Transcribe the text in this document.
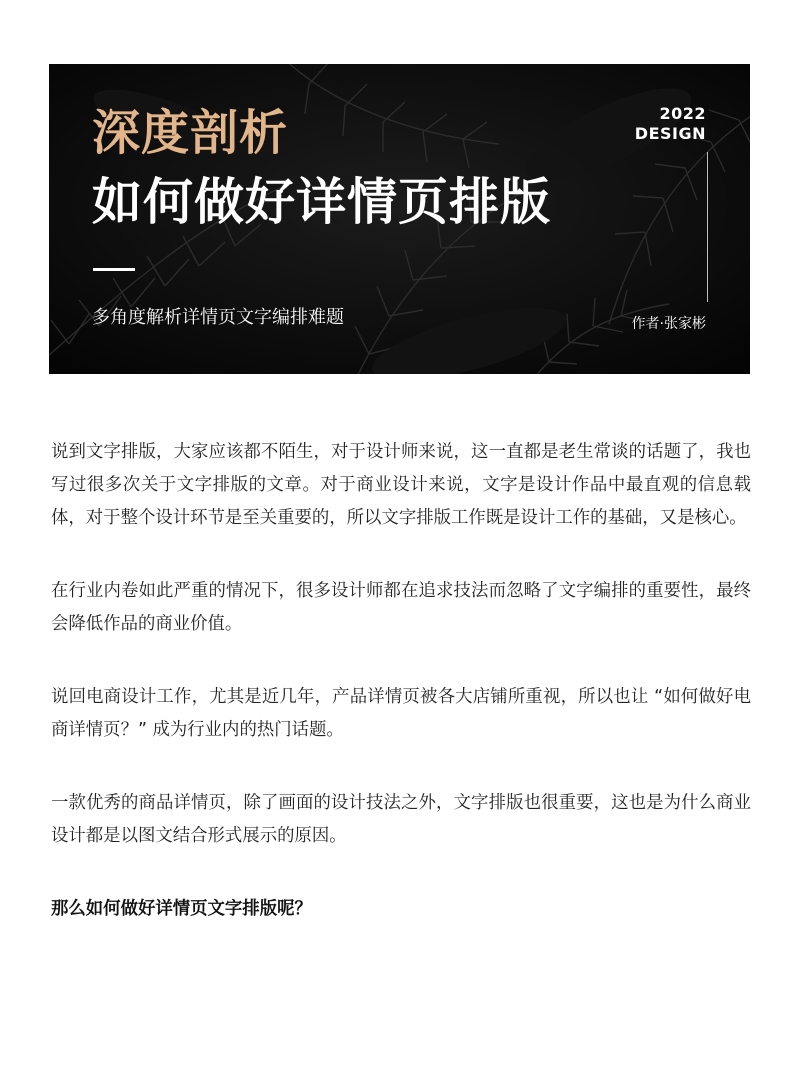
深度剖析
如何做好详情页排版
多角度解析详情页文字编排难题
2022
DESIGN
作者·张家彬

说到文字排版，大家应该都不陌生，对于设计师来说，这一直都是老生常谈的话题了，我也写过很多次关于文字排版的文章。对于商业设计来说，文字是设计作品中最直观的信息载体，对于整个设计环节是至关重要的，所以文字排版工作既是设计工作的基础，又是核心。

在行业内卷如此严重的情况下，很多设计师都在追求技法而忽略了文字编排的重要性，最终会降低作品的商业价值。

说回电商设计工作，尤其是近几年，产品详情页被各大店铺所重视，所以也让 “如何做好电商详情页？” 成为行业内的热门话题。

一款优秀的商品详情页，除了画面的设计技法之外，文字排版也很重要，这也是为什么商业设计都是以图文结合形式展示的原因。

那么如何做好详情页文字排版呢？
